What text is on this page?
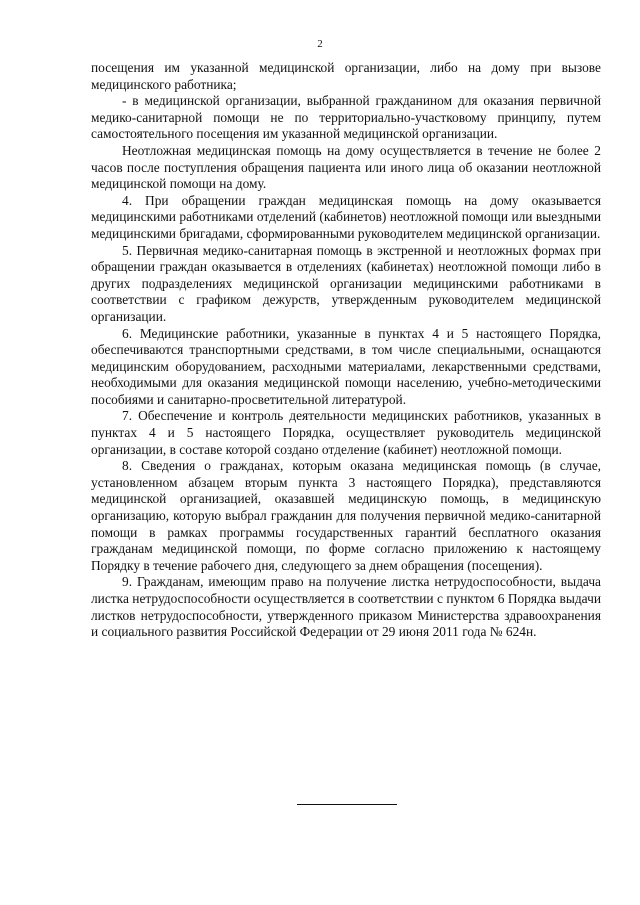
2

посещения им указанной медицинской организации, либо на дому при вызове медицинского работника;

- в медицинской организации, выбранной гражданином для оказания первичной медико-санитарной помощи не по территориально-участковому принципу, путем самостоятельного посещения им указанной медицинской организации.

Неотложная медицинская помощь на дому осуществляется в течение не более 2 часов после поступления обращения пациента или иного лица об оказании неотложной медицинской помощи на дому.

4. При обращении граждан медицинская помощь на дому оказывается медицинскими работниками отделений (кабинетов) неотложной помощи или выездными медицинскими бригадами, сформированными руководителем медицинской организации.

5. Первичная медико-санитарная помощь в экстренной и неотложных формах при обращении граждан оказывается в отделениях (кабинетах) неотложной помощи либо в других подразделениях медицинской организации медицинскими работниками в соответствии с графиком дежурств, утвержденным руководителем медицинской организации.

6. Медицинские работники, указанные в пунктах 4 и 5 настоящего Порядка, обеспечиваются транспортными средствами, в том числе специальными, оснащаются медицинским оборудованием, расходными материалами, лекарственными средствами, необходимыми для оказания медицинской помощи населению, учебно-методическими пособиями и санитарно-просветительной литературой.

7. Обеспечение и контроль деятельности медицинских работников, указанных в пунктах 4 и 5 настоящего Порядка, осуществляет руководитель медицинской организации, в составе которой создано отделение (кабинет) неотложной помощи.

8. Сведения о гражданах, которым оказана медицинская помощь (в случае, установленном абзацем вторым пункта 3 настоящего Порядка), представляются медицинской организацией, оказавшей медицинскую помощь, в медицинскую организацию, которую выбрал гражданин для получения первичной медико-санитарной помощи в рамках программы государственных гарантий бесплатного оказания гражданам медицинской помощи, по форме согласно приложению к настоящему Порядку в течение рабочего дня, следующего за днем обращения (посещения).

9. Гражданам, имеющим право на получение листка нетрудоспособности, выдача листка нетрудоспособности осуществляется в соответствии с пунктом 6 Порядка выдачи листков нетрудоспособности, утвержденного приказом Министерства здравоохранения и социального развития Российской Федерации от 29 июня 2011 года № 624н.
